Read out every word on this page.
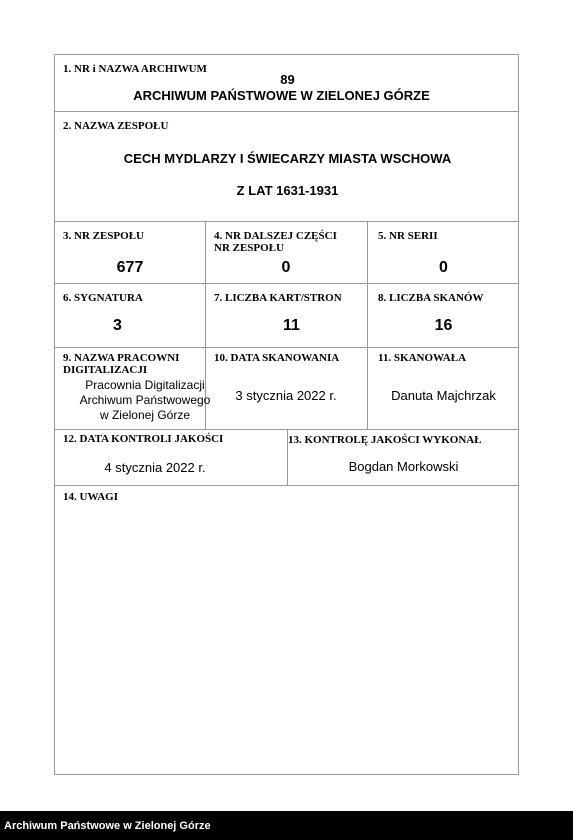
1. NR i NAZWA ARCHIWUM
89
ARCHIWUM PAŃSTWOWE W ZIELONEJ GÓRZE
2. NAZWA ZESPOŁU
CECH MYDLARZY I ŚWIECARZY MIASTA WSCHOWA
Z LAT 1631-1931
3. NR ZESPOŁU
677
4. NR DALSZEJ CZĘŚCI
NR ZESPOŁU
0
5. NR SERII
0
6. SYGNATURA
3
7. LICZBA KART/STRON
11
8. LICZBA SKANÓW
16
9. NAZWA PRACOWNI
DIGITALIZACJI
Pracownia Digitalizacji
Archiwum Państwowego
w Zielonej Górze
10. DATA SKANOWANIA
3 stycznia 2022 r.
11. SKANOWAŁA
Danuta Majchrzak
12. DATA KONTROLI JAKOŚCI
4 stycznia 2022 r.
13. KONTROLĘ JAKOŚCI WYKONAŁ
Bogdan Morkowski
14. UWAGI
Archiwum Państwowe w Zielonej Górze
